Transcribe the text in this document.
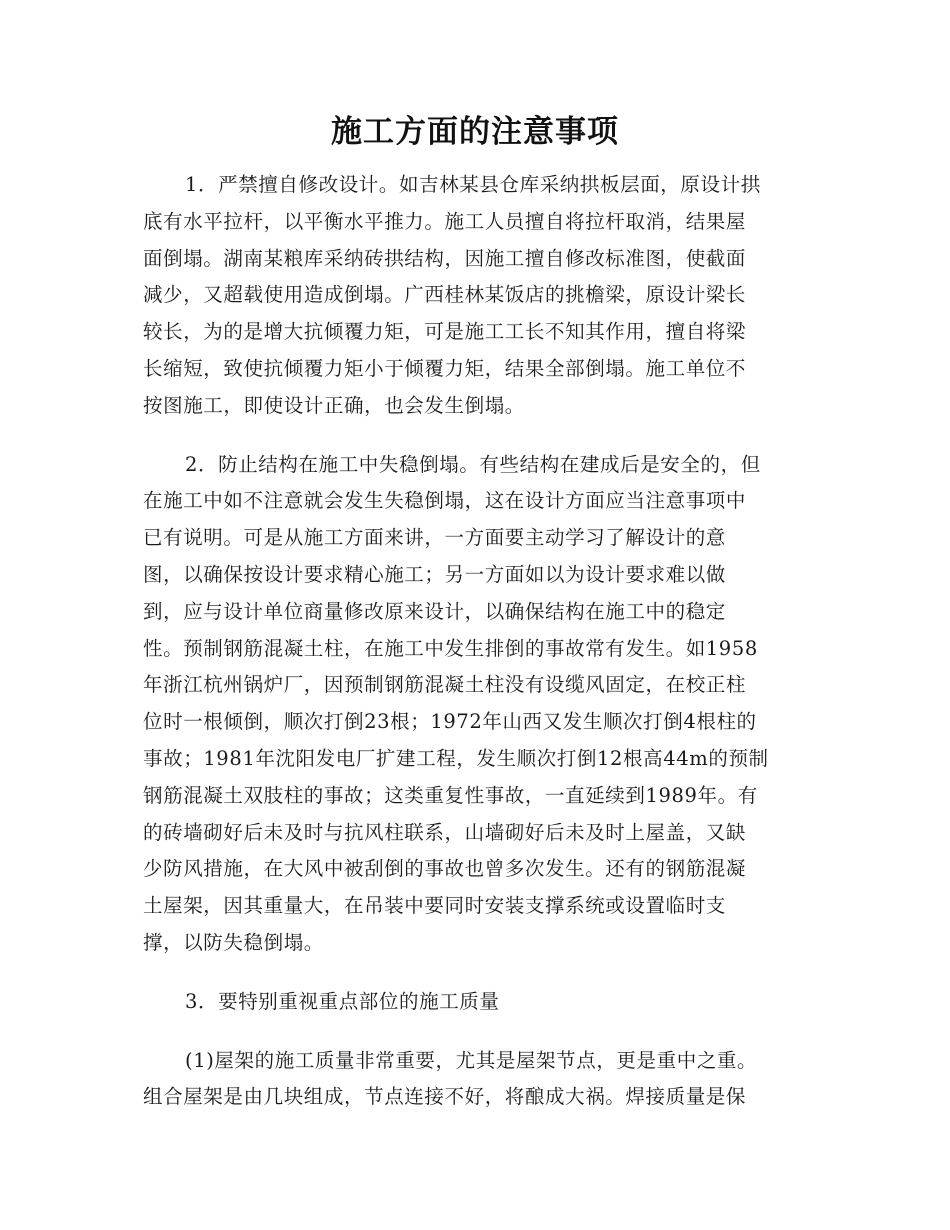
施工方面的注意事项
1．严禁擅自修改设计。如吉林某县仓库采纳拱板层面，原设计拱
底有水平拉杆，以平衡水平推力。施工人员擅自将拉杆取消，结果屋
面倒塌。湖南某粮库采纳砖拱结构，因施工擅自修改标准图，使截面
减少，又超载使用造成倒塌。广西桂林某饭店的挑檐梁，原设计梁长
较长，为的是增大抗倾覆力矩，可是施工工长不知其作用，擅自将梁
长缩短，致使抗倾覆力矩小于倾覆力矩，结果全部倒塌。施工单位不
按图施工，即使设计正确，也会发生倒塌。
2．防止结构在施工中失稳倒塌。有些结构在建成后是安全的，但
在施工中如不注意就会发生失稳倒塌，这在设计方面应当注意事项中
已有说明。可是从施工方面来讲，一方面要主动学习了解设计的意
图，以确保按设计要求精心施工；另一方面如以为设计要求难以做
到，应与设计单位商量修改原来设计，以确保结构在施工中的稳定
性。预制钢筋混凝土柱，在施工中发生排倒的事故常有发生。如1958
年浙江杭州锅炉厂，因预制钢筋混凝土柱没有设缆风固定，在校正柱
位时一根倾倒，顺次打倒23根；1972年山西又发生顺次打倒4根柱的
事故；1981年沈阳发电厂扩建工程，发生顺次打倒12根高44m的预制
钢筋混凝土双肢柱的事故；这类重复性事故，一直延续到1989年。有
的砖墙砌好后未及时与抗风柱联系，山墙砌好后未及时上屋盖，又缺
少防风措施，在大风中被刮倒的事故也曾多次发生。还有的钢筋混凝
土屋架，因其重量大，在吊装中要同时安装支撑系统或设置临时支
撑，以防失稳倒塌。
3．要特别重视重点部位的施工质量
(1)屋架的施工质量非常重要，尤其是屋架节点，更是重中之重。
组合屋架是由几块组成，节点连接不好，将酿成大祸。焊接质量是保
